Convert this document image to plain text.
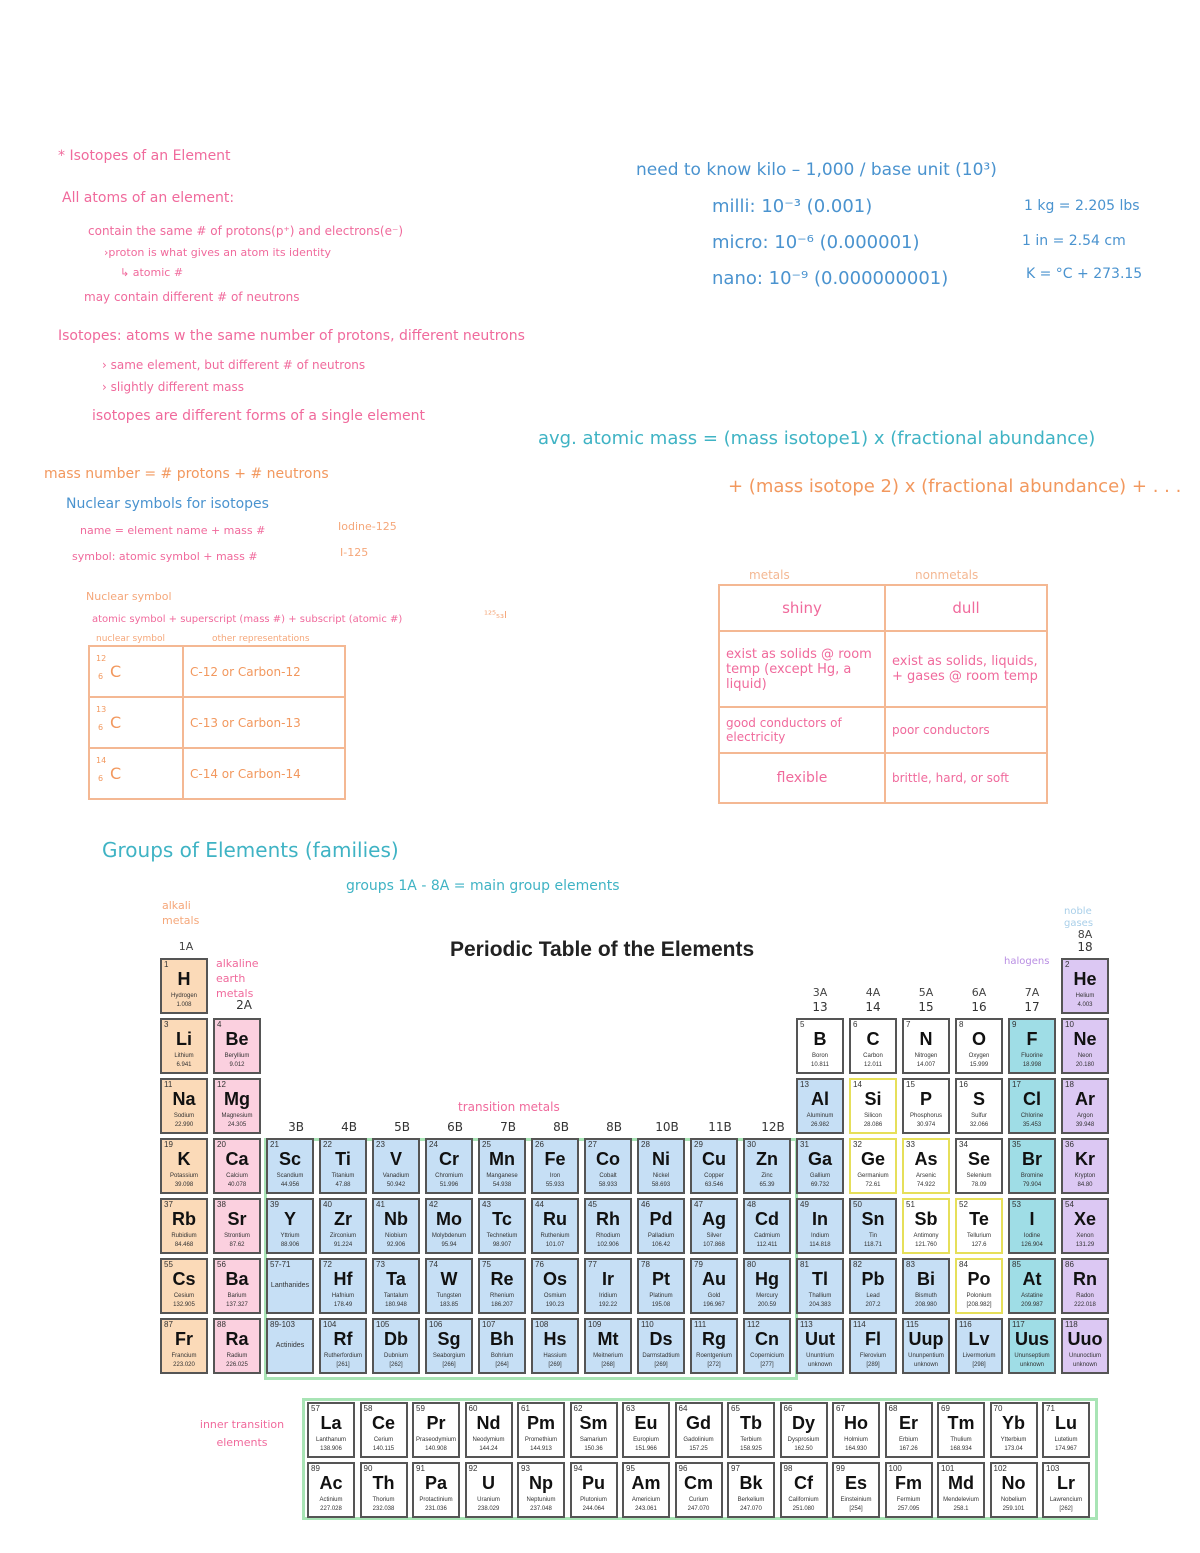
* Isotopes of an Element
All atoms of an element:
contain the same # of protons(p⁺) and electrons(e⁻)
›proton is what gives an atom its identity
↳ atomic #
may contain different # of neutrons
Isotopes: atoms w the same number of protons, different neutrons
› same element, but different # of neutrons
› slightly different mass
isotopes are different forms of a single element
mass number = # protons + # neutrons
Nuclear symbols for isotopes
name = element name + mass #	Iodine-125
symbol: atomic symbol + mass #	I-125
Nuclear symbol
atomic symbol + superscript (mass #) + subscript (atomic #)	¹²⁵₅₃I
nuclear symbol	other representations
12
6 C	C-12 or Carbon-12

13
6 C	C-13 or Carbon-13

14
6 C	C-14 or Carbon-14
need to know kilo – 1,000 / base unit (10³)
milli: 10⁻³ (0.001)
micro: 10⁻⁶ (0.000001)
nano: 10⁻⁹ (0.000000001)
1 kg = 2.205 lbs
1 in = 2.54 cm
K = °C + 273.15
avg. atomic mass = (mass isotope1) x (fractional abundance)
+ (mass isotope 2) x (fractional abundance) + . . .
metals	nonmetals
shiny	dull
exist as solids @ room temp (except Hg, a liquid)	exist as solids, liquids, + gases @ room temp
good conductors of electricity	poor conductors
flexible	brittle, hard, or soft
Groups of Elements (families)
groups 1A - 8A = main group elements
alkali metals
alkaline earth metals
transition metals
halogens
noble gases
inner transition elements
Periodic Table of the Elements
1A
2A
3B	4B	5B	6B	7B	8B	8B	10B	11B	12B
3A
13
4A
14
5A
15
6A
16
7A
17
8A
18
1
H
Hydrogen
1.008
2
He
Helium
4.003
3
Li
Lithium
6.941
4
Be
Beryllium
9.012
5
B
Boron
10.811
6
C
Carbon
12.011
7
N
Nitrogen
14.007
8
O
Oxygen
15.999
9
F
Fluorine
18.998
10
Ne
Neon
20.180
11
Na
Sodium
22.990
12
Mg
Magnesium
24.305
13
Al
Aluminum
26.982
14
Si
Silicon
28.086
15
P
Phosphorus
30.974
16
S
Sulfur
32.066
17
Cl
Chlorine
35.453
18
Ar
Argon
39.948
19
K
Potassium
39.098
20
Ca
Calcium
40.078
21
Sc
Scandium
44.956
22
Ti
Titanium
47.88
23
V
Vanadium
50.942
24
Cr
Chromium
51.996
25
Mn
Manganese
54.938
26
Fe
Iron
55.933
27
Co
Cobalt
58.933
28
Ni
Nickel
58.693
29
Cu
Copper
63.546
30
Zn
Zinc
65.39
31
Ga
Gallium
69.732
32
Ge
Germanium
72.61
33
As
Arsenic
74.922
34
Se
Selenium
78.09
35
Br
Bromine
79.904
36
Kr
Krypton
84.80
37
Rb
Rubidium
84.468
38
Sr
Strontium
87.62
39
Y
Yttrium
88.906
40
Zr
Zirconium
91.224
41
Nb
Niobium
92.906
42
Mo
Molybdenum
95.94
43
Tc
Technetium
98.907
44
Ru
Ruthenium
101.07
45
Rh
Rhodium
102.906
46
Pd
Palladium
106.42
47
Ag
Silver
107.868
48
Cd
Cadmium
112.411
49
In
Indium
114.818
50
Sn
Tin
118.71
51
Sb
Antimony
121.760
52
Te
Tellurium
127.6
53
I
Iodine
126.904
54
Xe
Xenon
131.29
55
Cs
Cesium
132.905
56
Ba
Barium
137.327
57-71
Lanthanides
72
Hf
Hafnium
178.49
73
Ta
Tantalum
180.948
74
W
Tungsten
183.85
75
Re
Rhenium
186.207
76
Os
Osmium
190.23
77
Ir
Iridium
192.22
78
Pt
Platinum
195.08
79
Au
Gold
196.967
80
Hg
Mercury
200.59
81
Tl
Thallium
204.383
82
Pb
Lead
207.2
83
Bi
Bismuth
208.980
84
Po
Polonium
[208.982]
85
At
Astatine
209.987
86
Rn
Radon
222.018
87
Fr
Francium
223.020
88
Ra
Radium
226.025
89-103
Actinides
104
Rf
Rutherfordium
[261]
105
Db
Dubnium
[262]
106
Sg
Seaborgium
[266]
107
Bh
Bohrium
[264]
108
Hs
Hassium
[269]
109
Mt
Meitnerium
[268]
110
Ds
Darmstadtium
[269]
111
Rg
Roentgenium
[272]
112
Cn
Copernicium
[277]
113
Uut
Ununtrium
unknown
114
Fl
Flerovium
[289]
115
Uup
Ununpentium
unknown
116
Lv
Livermorium
[298]
117
Uus
Ununseptium
unknown
118
Uuo
Ununoctium
unknown
57
La
Lanthanum
138.906
58
Ce
Cerium
140.115
59
Pr
Praseodymium
140.908
60
Nd
Neodymium
144.24
61
Pm
Promethium
144.913
62
Sm
Samarium
150.36
63
Eu
Europium
151.966
64
Gd
Gadolinium
157.25
65
Tb
Terbium
158.925
66
Dy
Dysprosium
162.50
67
Ho
Holmium
164.930
68
Er
Erbium
167.26
69
Tm
Thulium
168.934
70
Yb
Ytterbium
173.04
71
Lu
Lutetium
174.967
89
Ac
Actinium
227.028
90
Th
Thorium
232.038
91
Pa
Protactinium
231.036
92
U
Uranium
238.029
93
Np
Neptunium
237.048
94
Pu
Plutonium
244.064
95
Am
Americium
243.061
96
Cm
Curium
247.070
97
Bk
Berkelium
247.070
98
Cf
Californium
251.080
99
Es
Einsteinium
[254]
100
Fm
Fermium
257.095
101
Md
Mendelevium
258.1
102
No
Nobelium
259.101
103
Lr
Lawrencium
[262]
